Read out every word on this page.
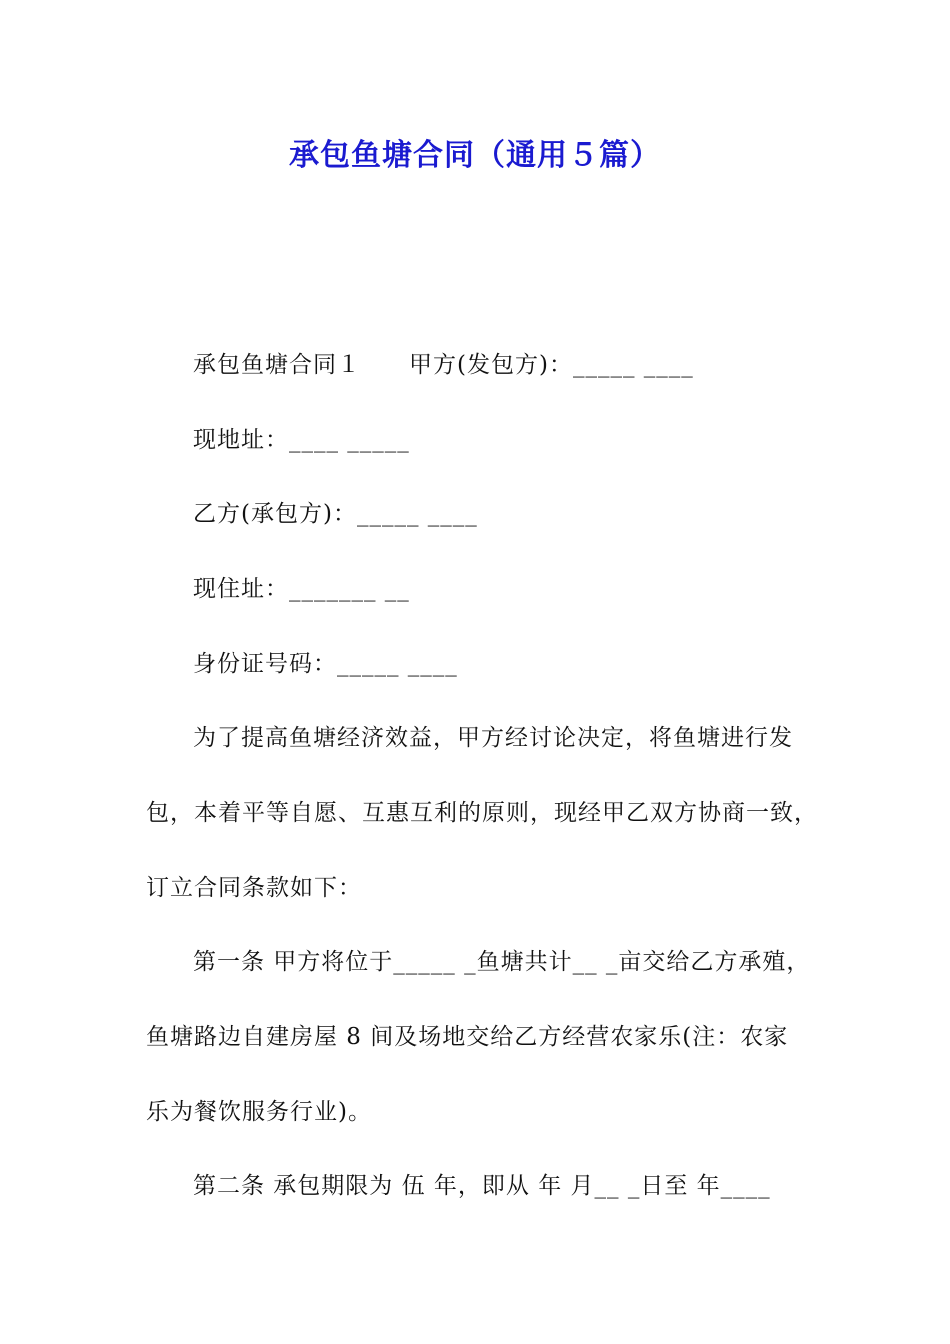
承包鱼塘合同（通用５篇）
承包鱼塘合同１　　甲方(发包方)：_____ ____
现地址：____ _____
乙方(承包方)：_____ ____
现住址：_______ __
身份证号码：_____ ____
为了提高鱼塘经济效益，甲方经讨论决定，将鱼塘进行发
包，本着平等自愿、互惠互利的原则，现经甲乙双方协商一致，
订立合同条款如下：
第一条 甲方将位于_____ _鱼塘共计__ _亩交给乙方承殖，
鱼塘路边自建房屋 8 间及场地交给乙方经营农家乐(注：农家
乐为餐饮服务行业)。
第二条 承包期限为 伍 年，即从 年 月__ _日至 年____
